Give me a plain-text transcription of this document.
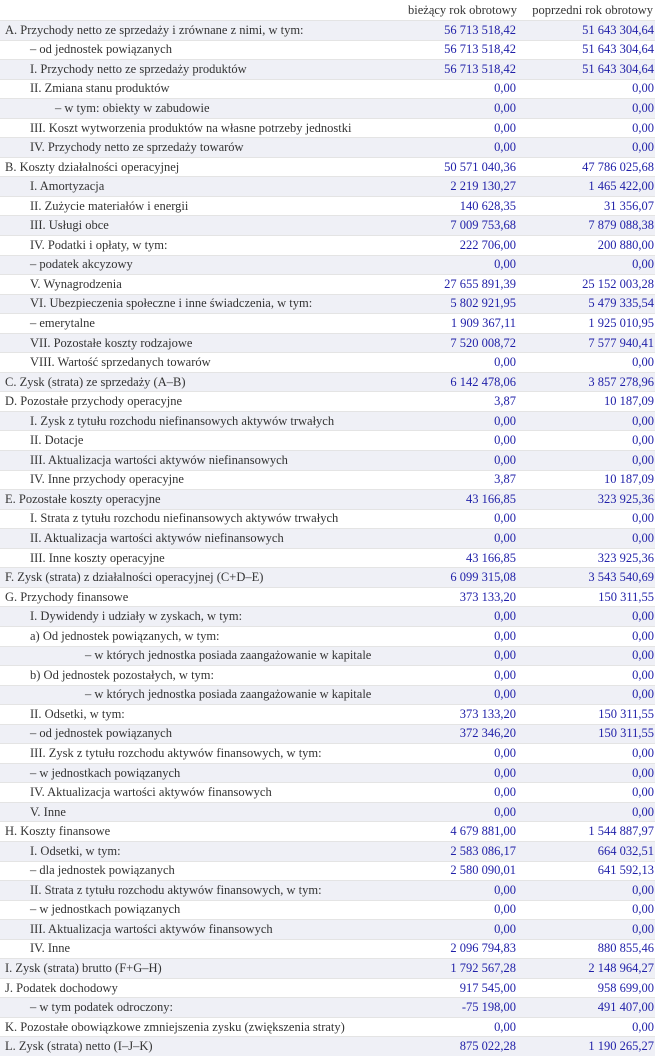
	bieżący rok obrotowy	poprzedni rok obrotowy
A. Przychody netto ze sprzedaży i zrównane z nimi, w tym:	56 713 518,42	51 643 304,64
– od jednostek powiązanych	56 713 518,42	51 643 304,64
I. Przychody netto ze sprzedaży produktów	56 713 518,42	51 643 304,64
II. Zmiana stanu produktów	0,00	0,00
– w tym: obiekty w zabudowie	0,00	0,00
III. Koszt wytworzenia produktów na własne potrzeby jednostki	0,00	0,00
IV. Przychody netto ze sprzedaży towarów	0,00	0,00
B. Koszty działalności operacyjnej	50 571 040,36	47 786 025,68
I. Amortyzacja	2 219 130,27	1 465 422,00
II. Zużycie materiałów i energii	140 628,35	31 356,07
III. Usługi obce	7 009 753,68	7 879 088,38
IV. Podatki i opłaty, w tym:	222 706,00	200 880,00
– podatek akcyzowy	0,00	0,00
V. Wynagrodzenia	27 655 891,39	25 152 003,28
VI. Ubezpieczenia społeczne i inne świadczenia, w tym:	5 802 921,95	5 479 335,54
– emerytalne	1 909 367,11	1 925 010,95
VII. Pozostałe koszty rodzajowe	7 520 008,72	7 577 940,41
VIII. Wartość sprzedanych towarów	0,00	0,00
C. Zysk (strata) ze sprzedaży (A–B)	6 142 478,06	3 857 278,96
D. Pozostałe przychody operacyjne	3,87	10 187,09
I. Zysk z tytułu rozchodu niefinansowych aktywów trwałych	0,00	0,00
II. Dotacje	0,00	0,00
III. Aktualizacja wartości aktywów niefinansowych	0,00	0,00
IV. Inne przychody operacyjne	3,87	10 187,09
E. Pozostałe koszty operacyjne	43 166,85	323 925,36
I. Strata z tytułu rozchodu niefinansowych aktywów trwałych	0,00	0,00
II. Aktualizacja wartości aktywów niefinansowych	0,00	0,00
III. Inne koszty operacyjne	43 166,85	323 925,36
F. Zysk (strata) z działalności operacyjnej (C+D–E)	6 099 315,08	3 543 540,69
G. Przychody finansowe	373 133,20	150 311,55
I. Dywidendy i udziały w zyskach, w tym:	0,00	0,00
a) Od jednostek powiązanych, w tym:	0,00	0,00
– w których jednostka posiada zaangażowanie w kapitale	0,00	0,00
b) Od jednostek pozostałych, w tym:	0,00	0,00
– w których jednostka posiada zaangażowanie w kapitale	0,00	0,00
II. Odsetki, w tym:	373 133,20	150 311,55
– od jednostek powiązanych	372 346,20	150 311,55
III. Zysk z tytułu rozchodu aktywów finansowych, w tym:	0,00	0,00
– w jednostkach powiązanych	0,00	0,00
IV. Aktualizacja wartości aktywów finansowych	0,00	0,00
V. Inne	0,00	0,00
H. Koszty finansowe	4 679 881,00	1 544 887,97
I. Odsetki, w tym:	2 583 086,17	664 032,51
– dla jednostek powiązanych	2 580 090,01	641 592,13
II. Strata z tytułu rozchodu aktywów finansowych, w tym:	0,00	0,00
– w jednostkach powiązanych	0,00	0,00
III. Aktualizacja wartości aktywów finansowych	0,00	0,00
IV. Inne	2 096 794,83	880 855,46
I. Zysk (strata) brutto (F+G–H)	1 792 567,28	2 148 964,27
J. Podatek dochodowy	917 545,00	958 699,00
– w tym podatek odroczony:	-75 198,00	491 407,00
K. Pozostałe obowiązkowe zmniejszenia zysku (zwiększenia straty)	0,00	0,00
L. Zysk (strata) netto (I–J–K)	875 022,28	1 190 265,27
